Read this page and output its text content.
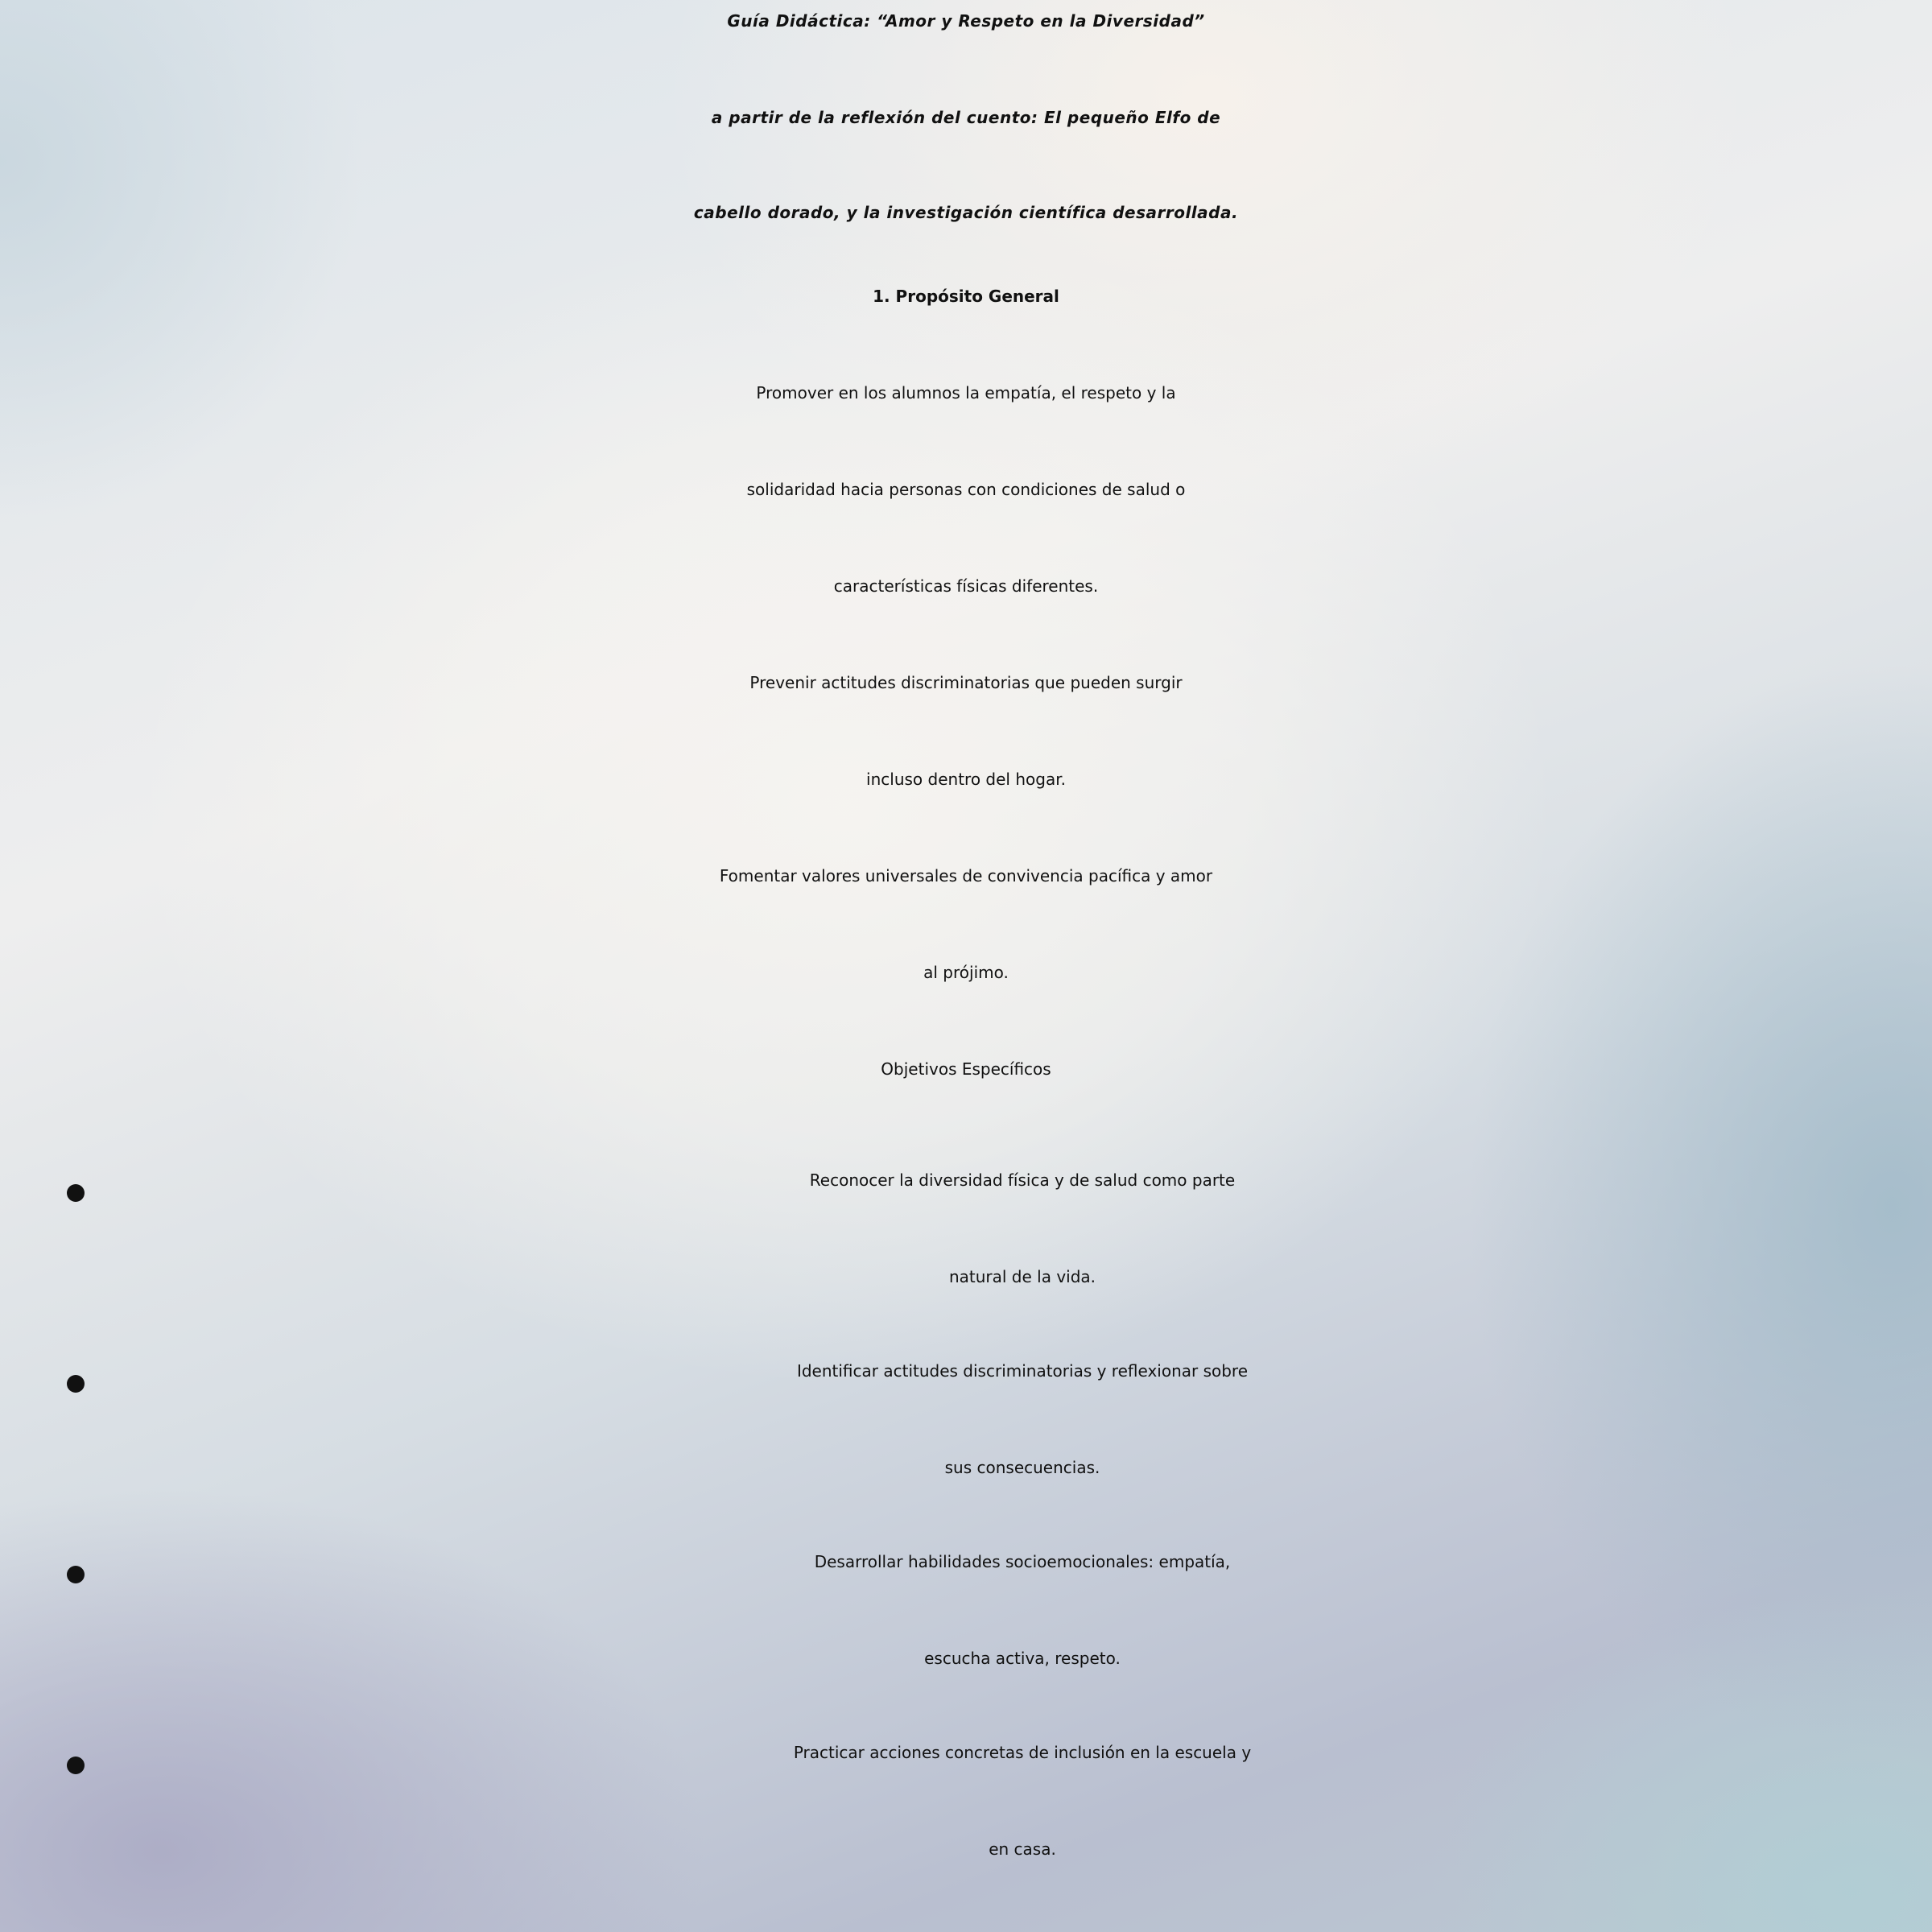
Guía Didáctica: “Amor y Respeto en la Diversidad”

a partir de la reflexión del cuento: El pequeño Elfo de

cabello dorado, y la investigación científica desarrollada.

1. Propósito General

Promover en los alumnos la empatía, el respeto y la

solidaridad hacia personas con condiciones de salud o

características físicas diferentes.

Prevenir actitudes discriminatorias que pueden surgir

incluso dentro del hogar.

Fomentar valores universales de convivencia pacífica y amor

al prójimo.

Objetivos Específicos

Reconocer la diversidad física y de salud como parte

natural de la vida.

Identificar actitudes discriminatorias y reflexionar sobre

sus consecuencias.

Desarrollar habilidades socioemocionales: empatía,

escucha activa, respeto.

Practicar acciones concretas de inclusión en la escuela y

en casa.
